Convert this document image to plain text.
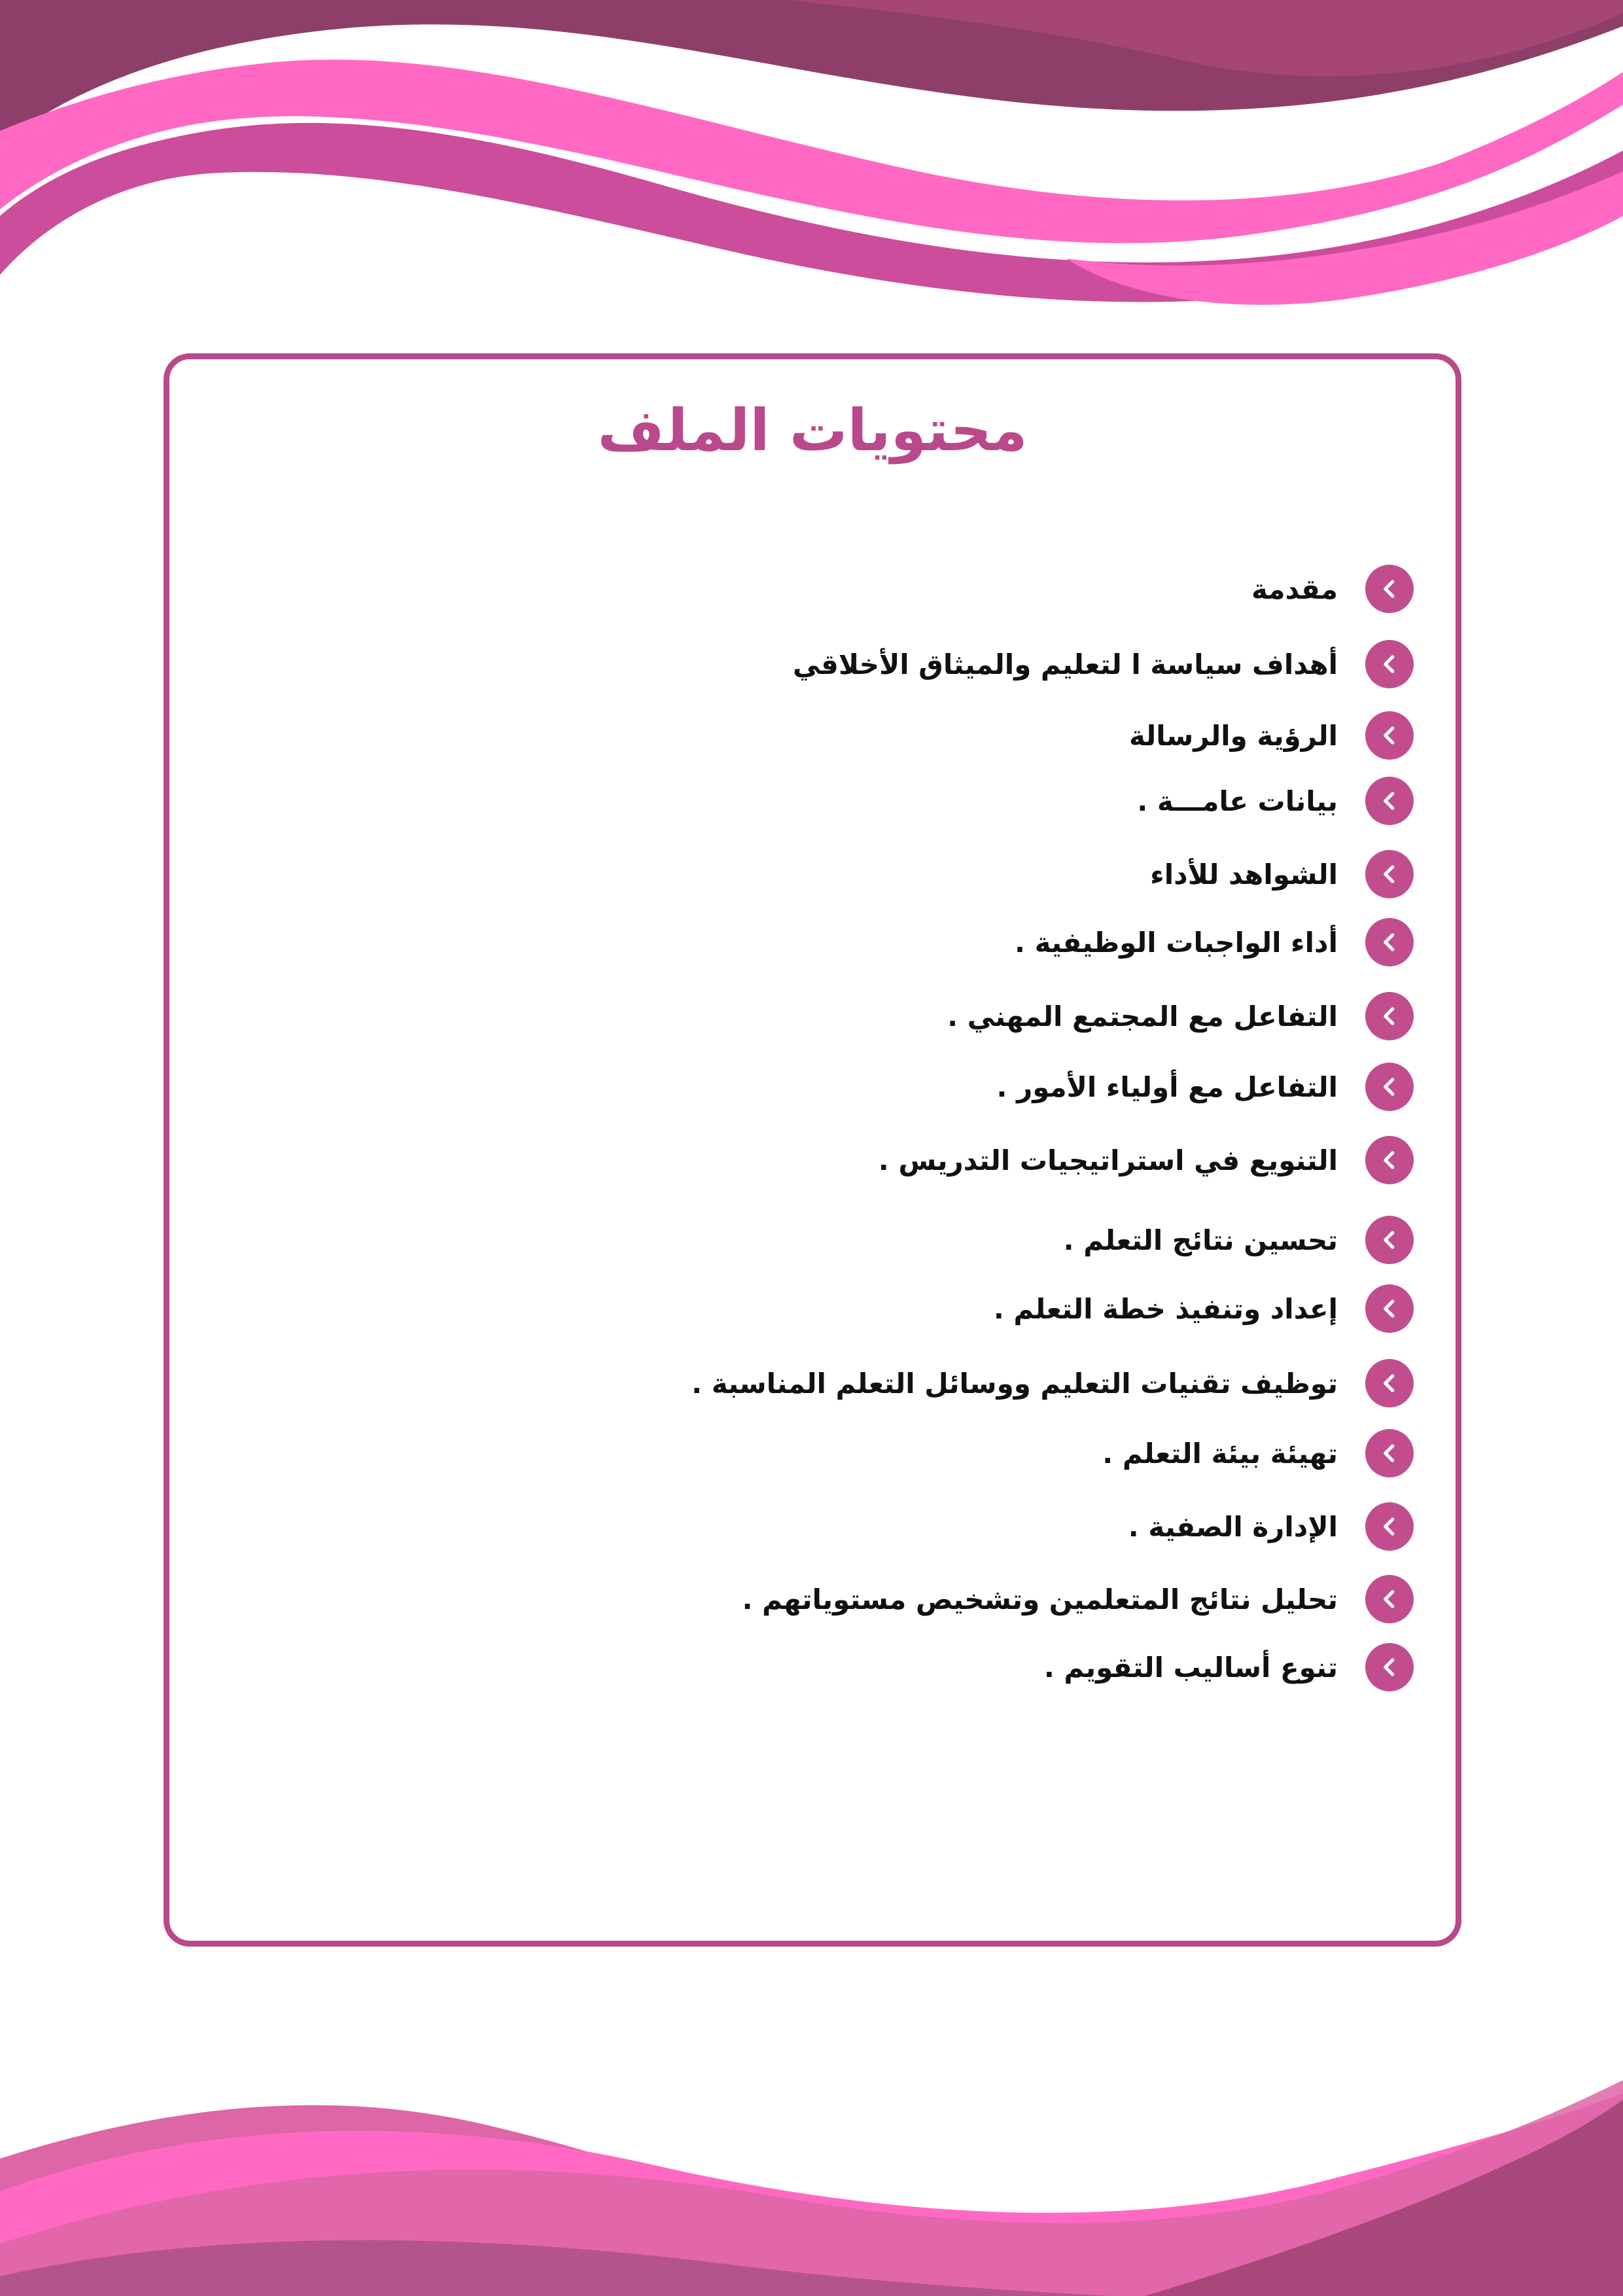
محتويات الملف
مقدمة
أهداف سياسة ا لتعليم والميثاق الأخلاقي
الرؤية والرسالة
بيانات عامـــة .
الشواهد للأداء
أداء الواجبات الوظيفية .
التفاعل مع المجتمع المهني .
التفاعل مع أولياء الأمور .
التنويع في استراتيجيات التدريس .
تحسين نتائج التعلم .
إعداد وتنفيذ خطة التعلم .
توظيف تقنيات التعليم ووسائل التعلم المناسبة .
تهيئة بيئة التعلم .
الإدارة الصفية .
تحليل نتائج المتعلمين وتشخيص مستوياتهم .
تنوع أساليب التقويم .
